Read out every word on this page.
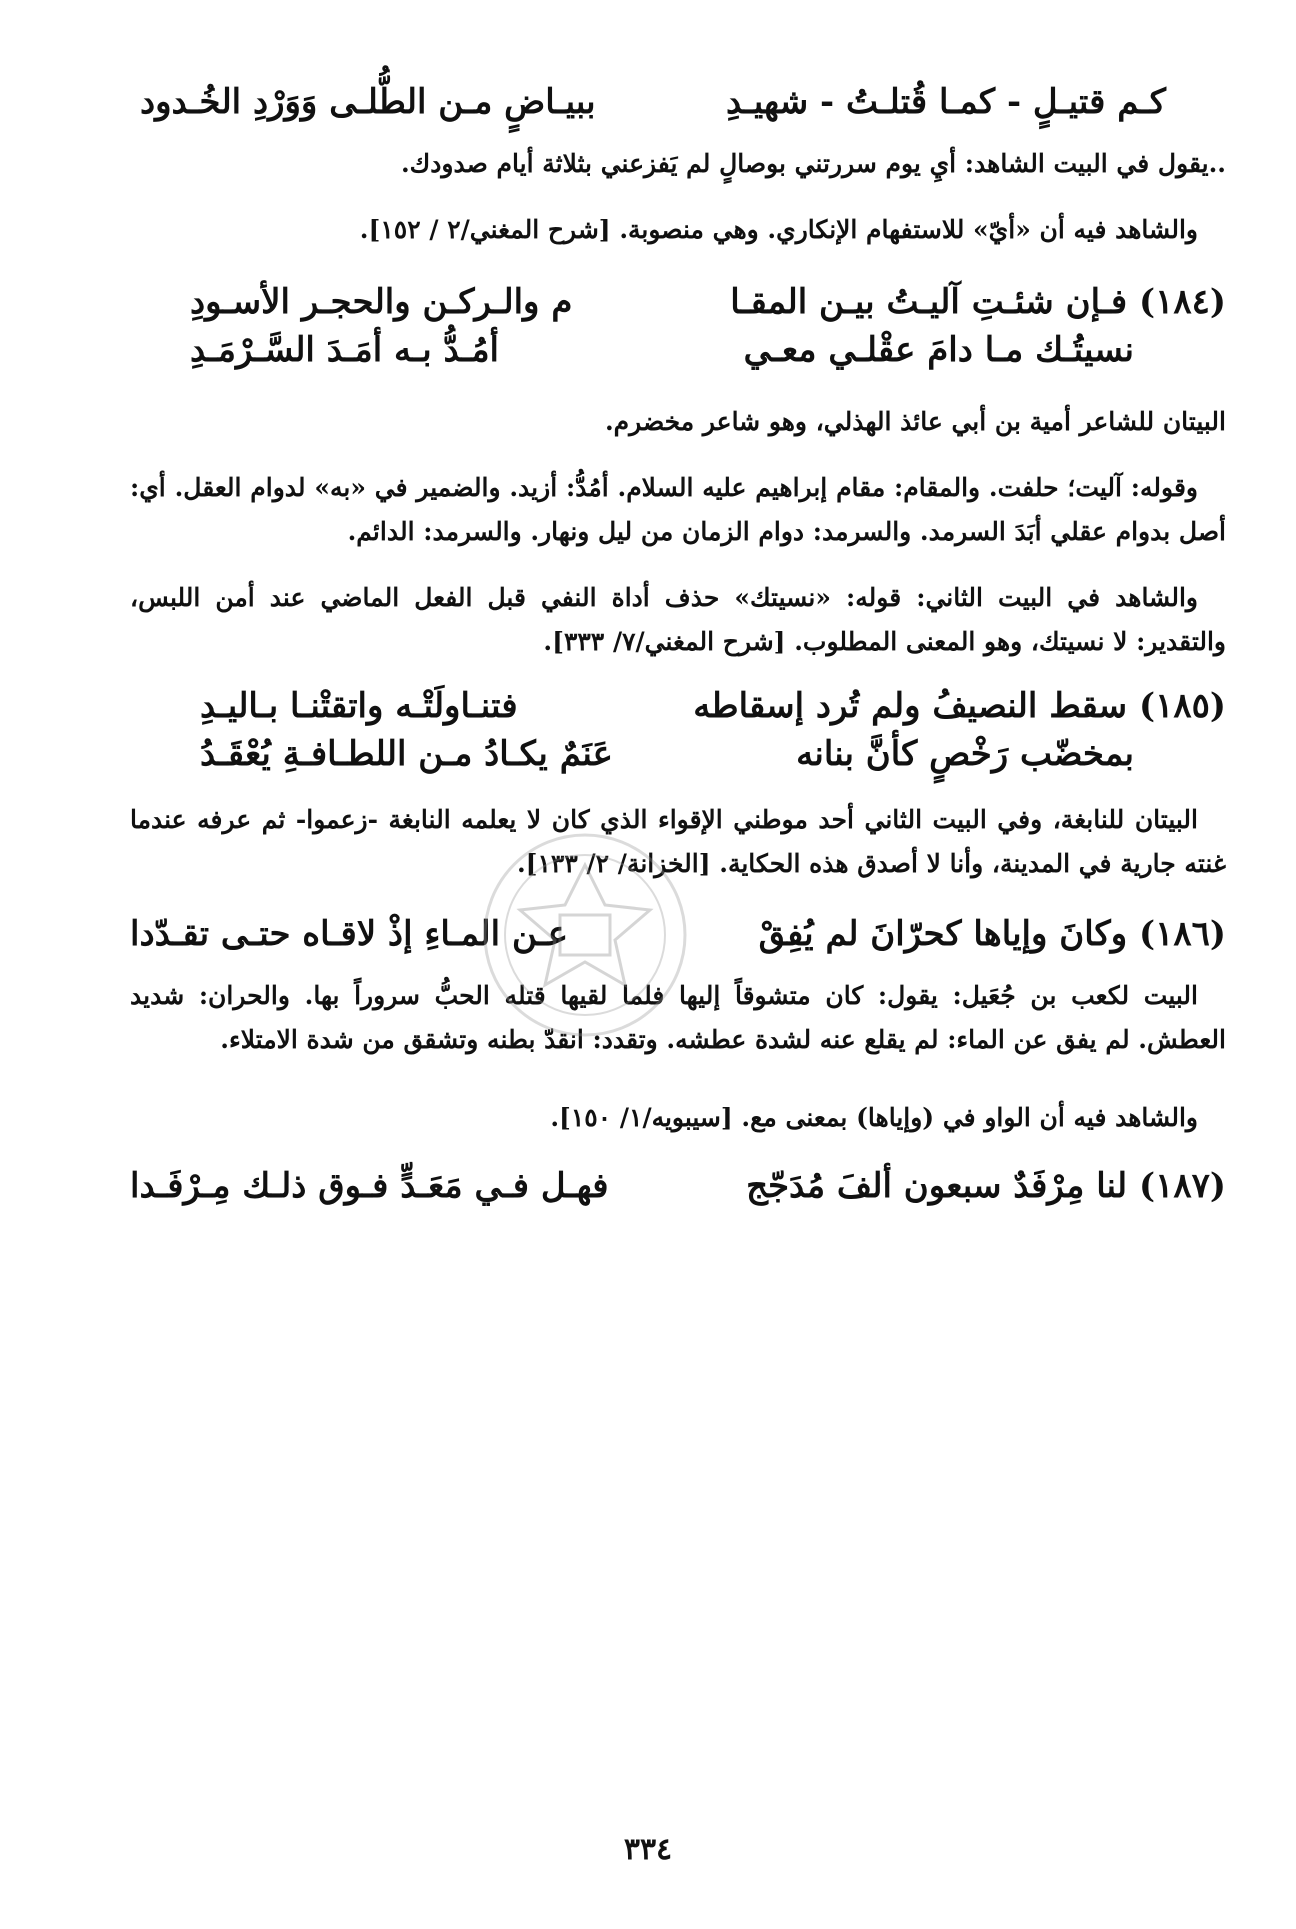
كـم قتيـلٍ - كمـا قُتلـتُ - شهيـدِ
ببيـاضٍ مـن الطُّلـى وَوَرْدِ الخُـدود

..يقول في البيت الشاهد: أيِ يوم سررتني بوصالٍ لم يَفزعني بثلاثة أيام صدودك.

والشاهد فيه أن «أيّ» للاستفهام الإنكاري. وهي منصوبة. [شرح المغني/٢ / ١٥٢].

(١٨٤) فـإن شئـتِ آليـتُ بيـن المقـا
م والـركـن والحجـر الأسـودِ
نسيتُـك مـا دامَ عقْلـي معـي
أمُـدُّ بـه أمَـدَ السَّـرْمَـدِ

البيتان للشاعر أمية بن أبي عائذ الهذلي، وهو شاعر مخضرم.

وقوله: آليت؛ حلفت. والمقام: مقام إبراهيم عليه السلام. أمُدُّ: أزيد. والضمير في «به» لدوام العقل. أي: أصل بدوام عقلي أبَدَ السرمد. والسرمد: دوام الزمان من ليل ونهار. والسرمد: الدائم.

والشاهد في البيت الثاني: قوله: «نسيتك» حذف أداة النفي قبل الفعل الماضي عند أمن اللبس، والتقدير: لا نسيتك، وهو المعنى المطلوب. [شرح المغني/٧/ ٣٣٣].

(١٨٥) سقط النصيفُ ولم تُرد إسقاطه
فتنـاولَتْـه واتقتْنـا بـاليـدِ
بمخضّب رَخْصٍ كأنَّ بنانه
عَنَمٌ يكـادُ مـن اللطـافـةِ يُعْقَـدُ

البيتان للنابغة، وفي البيت الثاني أحد موطني الإقواء الذي كان لا يعلمه النابغة -زعموا- ثم عرفه عندما غنته جارية في المدينة، وأنا لا أصدق هذه الحكاية. [الخزانة/ ٢/ ١٣٣].

(١٨٦) وكانَ وإياها كحرّانَ لم يُفِقْ
عـن المـاءِ إذْ لاقـاه حتـى تقـدّدا

البيت لكعب بن جُعَيل: يقول: كان متشوقاً إليها فلما لقيها قتله الحبُّ سروراً بها. والحران: شديد العطش. لم يفق عن الماء: لم يقلع عنه لشدة عطشه. وتقدد: انقدّ بطنه وتشقق من شدة الامتلاء.

والشاهد فيه أن الواو في (وإياها) بمعنى مع. [سيبويه/١/ ١٥٠].

(١٨٧) لنا مِرْفَدٌ سبعون ألفَ مُدَجّج
فهـل فـي مَعَـدٍّ فـوق ذلـك مِـرْفَـدا
٣٣٤
